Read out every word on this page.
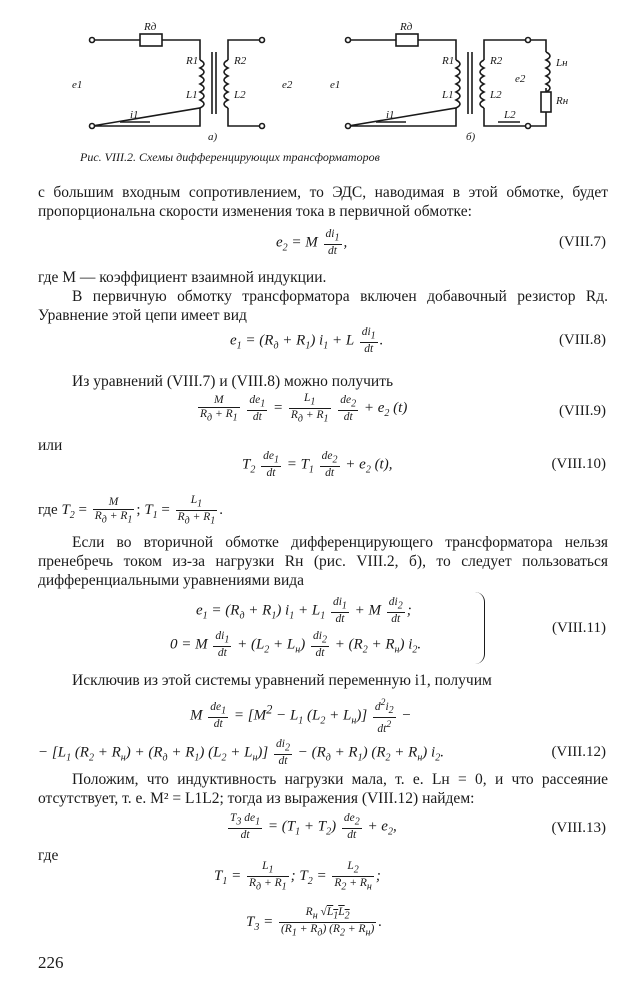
Rд
e1
R1
L1
R2
L2
e2
i1
а)
Rд
e1
R1
L1
R2
L2
e2
Lн
Rн
i1	L2
б)
Рис. VIII.2. Схемы дифференцирующих трансформаторов
с большим входным сопротивлением, то ЭДС, наводимая в этой обмотке, будет пропорциональна скорости изменения тока в первичной обмотке:
$e_2 = M \frac{di_1}{dt}$ ,	(VIII.7)
где M — коэффициент взаимной индукции.
В первичную обмотку трансформатора включен добавочный резистор Rд. Уравнение этой цепи имеет вид
$e_1 = (R_д + R_1) i_1 + L \frac{di_1}{dt}$ .	(VIII.8)
Из уравнений (VIII.7) и (VIII.8) можно получить
$\frac{M}{R_д + R_1}$
$\frac{de_1}{dt} = \frac{L_1}{R_д + R_1}$
$\frac{de_2}{dt} + e_2$ (t)	(VIII.9)
или
$T_2 \frac{de_1}{dt} = T_1 \frac{de_2}{dt} + e_2$ (t),	(VIII.10)
где $T_2 = \frac{M}{R_д + R_1}$ ; $T_1 = \frac{L_1}{R_д + R_1}$ .
Если во вторичной обмотке дифференцирующего трансформатора нельзя пренебречь током из-за нагрузки Rн (рис. VIII.2, б), то следует пользоваться дифференциальными уравнениями вида
$e_1 = (R_д + R_1) i_1 + L_1 \frac{di_1}{dt} + M \frac{di_2}{dt}$ ;
0 = M $\frac{di_1}{dt} + (L_2 + L_н) \frac{di_2}{dt} + (R_2 + R_н)$ $i_2$.
(VIII.11)
Исключив из этой системы уравнений переменную i1, получим
M $\frac{de_1}{dt} = [M^2 - L_1$ $(L_2 + L_н)] \frac{d^2i_2}{dt^2}$ −
− [$L_1$ $(R_2 + R_н) + (R_д + R_1) (L_2 + L_н)] \frac{di_2}{dt} - (R_д + R_1) (R_2 + R_н)$ $i_2$.	(VIII.12)
Положим, что индуктивность нагрузки мала, т. е. Lн = 0, и что рассеяние отсутствует, т. е. M² = L1L2; тогда из выражения (VIII.12) найдем:
$\frac{T_3 de_1}{dt} = (T_1 + T_2) \frac{de_2}{dt} + e_2$,	(VIII.13)
где
$T_1 = \frac{L_1}{R_д + R_1}$ ; $T_2 = \frac{L_2}{R_2 + R_н}$ ;
$T_3 = \frac{R_н √L_1L_2}{(R_1 + R_д) (R_2 + R_н)}$ .
226
